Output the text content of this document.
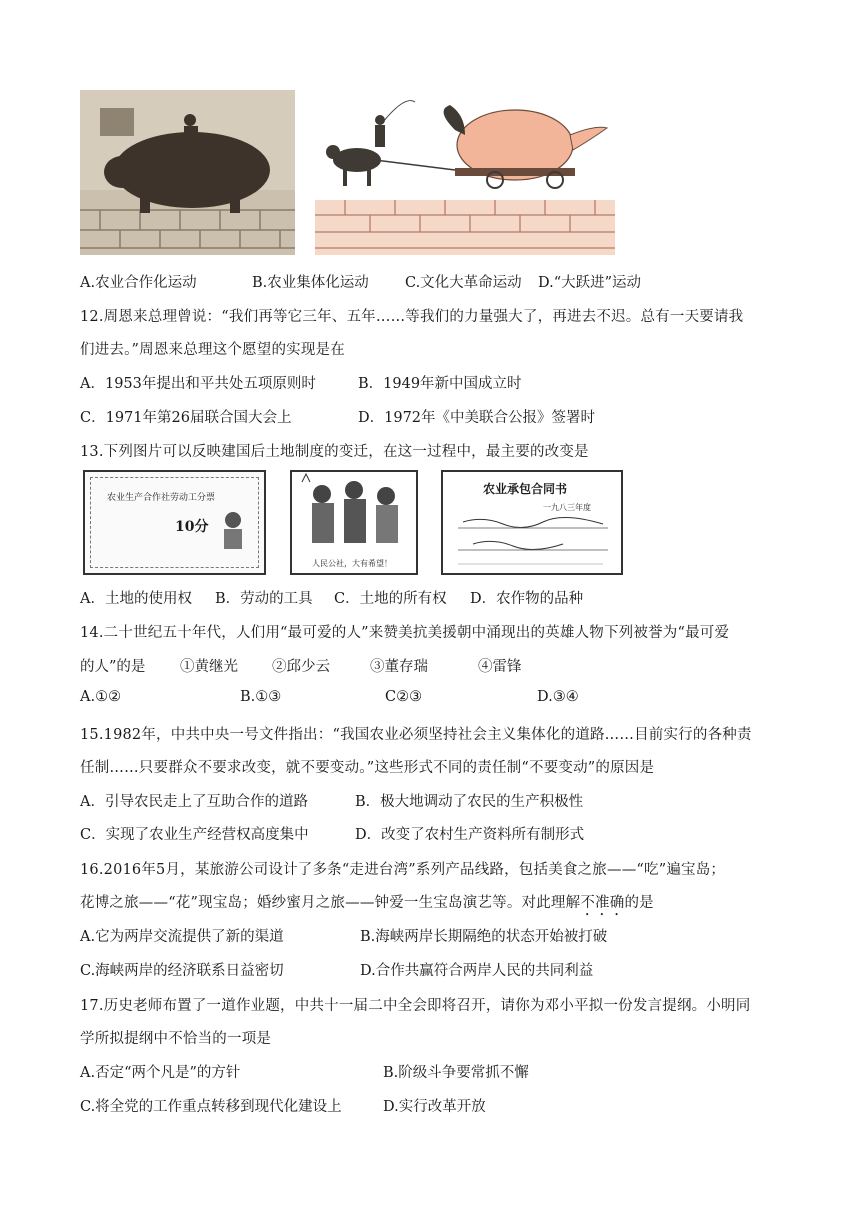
A.农业合作化运动	B.农业集体化运动 C.文化大革命运动 D.“大跃进”运动
12.周恩来总理曾说：“我们再等它三年、五年……等我们的力量强大了，再进去不迟。总有一天要请我
们进去。”周恩来总理这个愿望的实现是在
A．1953年提出和平共处五项原则时	B．1949年新中国成立时
C．1971年第26届联合国大会上	D．1972年《中美联合公报》签署时
13.下列图片可以反映建国后土地制度的变迁，在这一过程中，最主要的改变是
农业生产合作社劳动工分票
10分
人民公社，大有希望！
农业承包合同书
一九八三年度
A．土地的使用权 B．劳动的工具 C．土地的所有权 D．农作物的品种
14.二十世纪五十年代，人们用“最可爱的人”来赞美抗美援朝中涌现出的英雄人物下列被誉为“最可爱
的人”的是 ①黄继光 ②邱少云	③董存瑞	④雷锋
A.①②	B.①③	C②③	D.③④
15.1982年，中共中央一号文件指出：“我国农业必须坚持社会主义集体化的道路……目前实行的各种责
任制……只要群众不要求改变，就不要变动。”这些形式不同的责任制“不要变动”的原因是
A．引导农民走上了互助合作的道路	B．极大地调动了农民的生产积极性
C．实现了农业生产经营权高度集中	D．改变了农村生产资料所有制形式
16.2016年5月，某旅游公司设计了多条“走进台湾”系列产品线路，包括美食之旅——“吃”遍宝岛；
花博之旅——“花”现宝岛；婚纱蜜月之旅——钟爱一生宝岛演艺等。对此理解不准确的是
A.它为两岸交流提供了新的渠道	B.海峡两岸长期隔绝的状态开始被打破
C.海峡两岸的经济联系日益密切	D.合作共赢符合两岸人民的共同利益
17.历史老师布置了一道作业题，中共十一届二中全会即将召开，请你为邓小平拟一份发言提纲。小明同
学所拟提纲中不恰当的一项是
A.否定“两个凡是”的方针	B.阶级斗争要常抓不懈
C.将全党的工作重点转移到现代化建设上	D.实行改革开放
